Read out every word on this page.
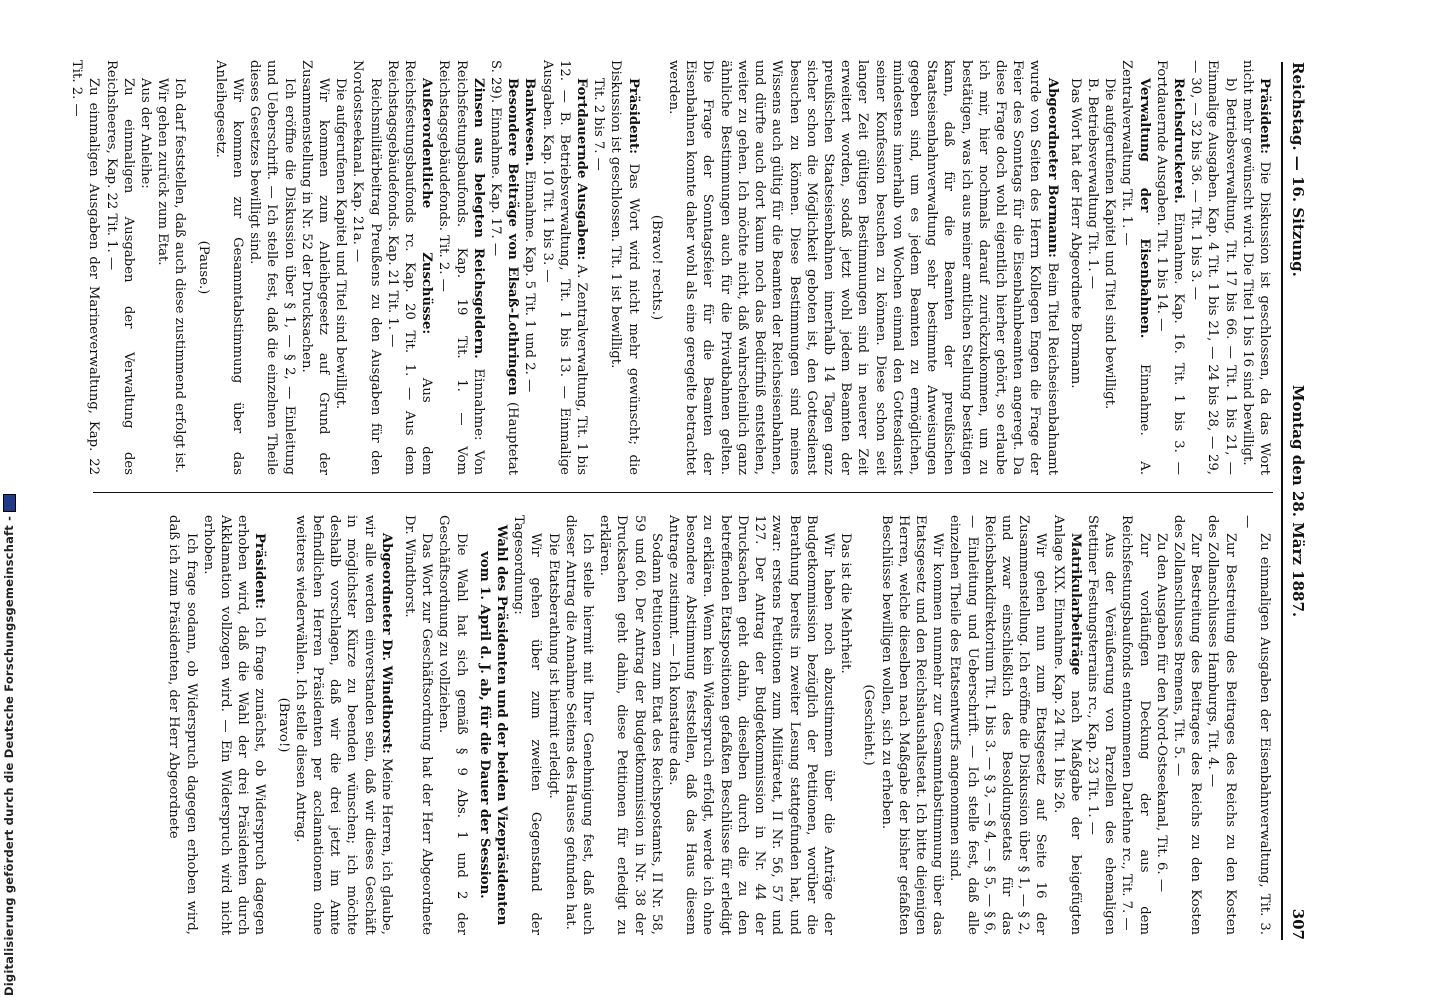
Digitalisierung gefördert durch die Deutsche Forschungsgemeinschaft -
Reichstag. — 16. Sitzung.
Montag den 28. März 1887.
307

Präsident: Die Diskussion ist geschlossen, da das Wort nicht mehr gewünscht wird. Die Titel 1 bis 16 sind bewilligt.

b) Betriebsverwaltung, Tit. 17 bis 66. — Tit. 1 bis 21, — Einmalige Ausgaben. Kap. 4 Tit. 1 bis 21, — 24 bis 28, — 29, — 30, — 32 bis 36. — Tit. 1 bis 3. —

Reichsdruckerei. Einnahme. Kap. 16. Tit. 1 bis 3. — Fortdauernde Ausgaben. Tit. 1 bis 14. —

Verwaltung der Eisenbahnen. Einnahme. A. Zentralverwaltung Tit. 1. —

Die aufgerufenen Kapitel und Titel sind bewilligt.

B. Betriebsverwaltung Tit. 1. —

Das Wort hat der Herr Abgeordnete Bormann.

Abgeordneter Bormann: Beim Titel Reichseisenbahnamt wurde von Seiten des Herrn Kollegen Engen die Frage der Feier des Sonntags für die Eisenbahnbeamten angeregt. Da diese Frage doch wohl eigentlich hierher gehört, so erlaube ich mir, hier nochmals darauf zurückzukommen, um zu bestätigen, was ich aus meiner amtlichen Stellung bestätigen kann, daß für die Beamten der preußischen Staatseisenbahnverwaltung sehr bestimmte Anweisungen gegeben sind, um es jedem Beamten zu ermöglichen, mindestens innerhalb von Wochen einmal den Gottesdienst seiner Konfession besuchen zu können. Diese schon seit langer Zeit gültigen Bestimmungen sind in neuerer Zeit erweitert worden, sodaß jetzt wohl jedem Beamten der preußischen Staatseisenbahnen innerhalb 14 Tagen ganz sicher schon die Möglichkeit geboten ist, den Gottesdienst besuchen zu können. Diese Bestimmungen sind meines Wissens auch gültig für die Beamten der Reichseisenbahnen, und dürfte auch dort kaum noch das Bedürfniß entstehen, weiter zu gehen. Ich möchte nicht, daß wahrscheinlich ganz ähnliche Bestimmungen auch für die Privatbahnen gelten. Die Frage der Sonntagsfeier für die Beamten der Eisenbahnen konnte daher wohl als eine geregelte betrachtet werden.

(Bravo! rechts.)

Präsident: Das Wort wird nicht mehr gewünscht; die Diskussion ist geschlossen. Tit. 1 ist bewilligt.

Tit. 2 bis 7. —

Fortdauernde Ausgaben: A. Zentralverwaltung, Tit. 1 bis 12. — B. Betriebsverwaltung, Tit. 1 bis 13. — Einmalige Ausgaben. Kap. 10 Tit. 1 bis 3. —

Bankwesen. Einnahme. Kap. 5 Tit. 1 und 2. —

Besondere Beiträge von Elsaß-Lothringen (Hauptetat S. 29). Einnahme. Kap. 17. —

Zinsen aus belegten Reichsgeldern. Einnahme: Von Reichsfestungsbaufonds. Kap. 19 Tit. 1. — Vom Reichstagsgebäudefonds. Tit. 2. —

Außerordentliche Zuschüsse: Aus dem Reichsfestungsbaufonds rc. Kap. 20 Tit. 1. — Aus dem Reichstagsgebäudefonds. Kap. 21 Tit. 1. —

Reichsmilitärbeitrag Preußens zu den Ausgaben für den Nordostseekanal. Kap. 21a. —

Die aufgerufenen Kapitel und Titel sind bewilligt.

Wir kommen zum Anleihegesetz auf Grund der Zusammenstellung in Nr. 52 der Drucksachen.

Ich eröffne die Diskussion über § 1, — § 2, — Einleitung und Ueberschrift. — Ich stelle fest, daß die einzelnen Theile dieses Gesetzes bewilligt sind.

Wir kommen zur Gesammtabstimmung über das Anleihegesetz.

(Pause.)

Ich darf feststellen, daß auch diese zustimmend erfolgt ist.

Wir gehen zurück zum Etat.

Aus der Anleihe:

Zu einmaligen Ausgaben der Verwaltung des Reichsheeres, Kap. 22 Tit. 1. —

Zu einmaligen Ausgaben der Marineverwaltung, Kap. 22 Tit. 2. —

Zu einmaligen Ausgaben der Eisenbahnverwaltung, Tit. 3. —

Zur Bestreitung des Beitrages des Reichs zu den Kosten des Zollanschlusses Hamburgs, Tit. 4. —

Zur Bestreitung des Beitrages des Reichs zu den Kosten des Zollanschlusses Bremens, Tit. 5. —

Zu den Ausgaben für den Nord-Ostseekanal, Tit. 6. —

Zur vorläufigen Deckung der aus dem Reichsfestungsbaufonds entnommenen Darlehne rc., Tit. 7. —

Aus der Veräußerung von Parzellen des ehemaligen Stettiner Festungsterrains rc., Kap. 23 Tit. 1. —

Matrikularbeiträge nach Maßgabe der beigefügten Anlage XIX. Einnahme. Kap. 24 Tit. 1 bis 26.

Wir gehen nun zum Etatsgesetz auf Seite 16 der Zusammenstellung. Ich eröffne die Diskussion über § 1, — § 2, und zwar einschließlich des Besoldungsetats für das Reichsbankdirektorium Tit. 1 bis 3. — § 3, — § 4, — § 5, — § 6, — Einleitung und Ueberschrift. — Ich stelle fest, daß alle einzelnen Theile des Etatsentwurfs angenommen sind.

Wir kommen nunmehr zur Gesammtabstimmung über das Etatsgesetz und den Reichshaushaltsetat. Ich bitte diejenigen Herren, welche dieselben nach Maßgabe der bisher gefaßten Beschlüsse bewilligen wollen, sich zu erheben.

(Geschieht.)

Das ist die Mehrheit.

Wir haben noch abzustimmen über die Anträge der Budgetkommission bezüglich der Petitionen, worüber die Berathung bereits in zweiter Lesung stattgefunden hat, und zwar: erstens Petitionen zum Militäretat, II Nr. 56, 57 und 127. Der Antrag der Budgetkommission in Nr. 44 der Drucksachen geht dahin, dieselben durch die zu den betreffenden Etatspositionen gefaßten Beschlüsse für erledigt zu erklären. Wenn kein Widerspruch erfolgt, werde ich ohne besondere Abstimmung feststellen, daß das Haus diesem Antrage zustimmt. — Ich konstatire das.

Sodann Petitionen zum Etat des Reichspostamts, II Nr. 58, 59 und 60. Der Antrag der Budgetkommission in Nr. 38 der Drucksachen geht dahin, diese Petitionen für erledigt zu erklären.

Ich stelle hiermit mit Ihrer Genehmigung fest, daß auch dieser Antrag die Annahme Seitens des Hauses gefunden hat.

Die Etatsberathung ist hiermit erledigt.

Wir gehen über zum zweiten Gegenstand der Tagesordnung:

Wahl des Präsidenten und der beiden Vizepräsidenten vom 1. April d. J. ab, für die Dauer der Session.

Die Wahl hat sich gemäß § 9 Abs. 1 und 2 der Geschäftsordnung zu vollziehen.

Das Wort zur Geschäftsordnung hat der Herr Abgeordnete Dr. Windthorst.

Abgeordneter Dr. Windthorst: Meine Herren, ich glaube, wir alle werden einverstanden sein, daß wir dieses Geschäft in möglichster Kürze zu beenden wünschen; ich möchte deshalb vorschlagen, daß wir die drei jetzt im Amte befindlichen Herren Präsidenten per acclamationem ohne weiteres wiederwählen. Ich stelle diesen Antrag.

(Bravo!)

Präsident: Ich frage zunächst, ob Widerspruch dagegen erhoben wird, daß die Wahl der drei Präsidenten durch Akklamation vollzogen wird. — Ein Widerspruch wird nicht erhoben.

Ich frage sodann, ob Widerspruch dagegen erhoben wird, daß ich zum Präsidenten, der Herr Abgeordnete
